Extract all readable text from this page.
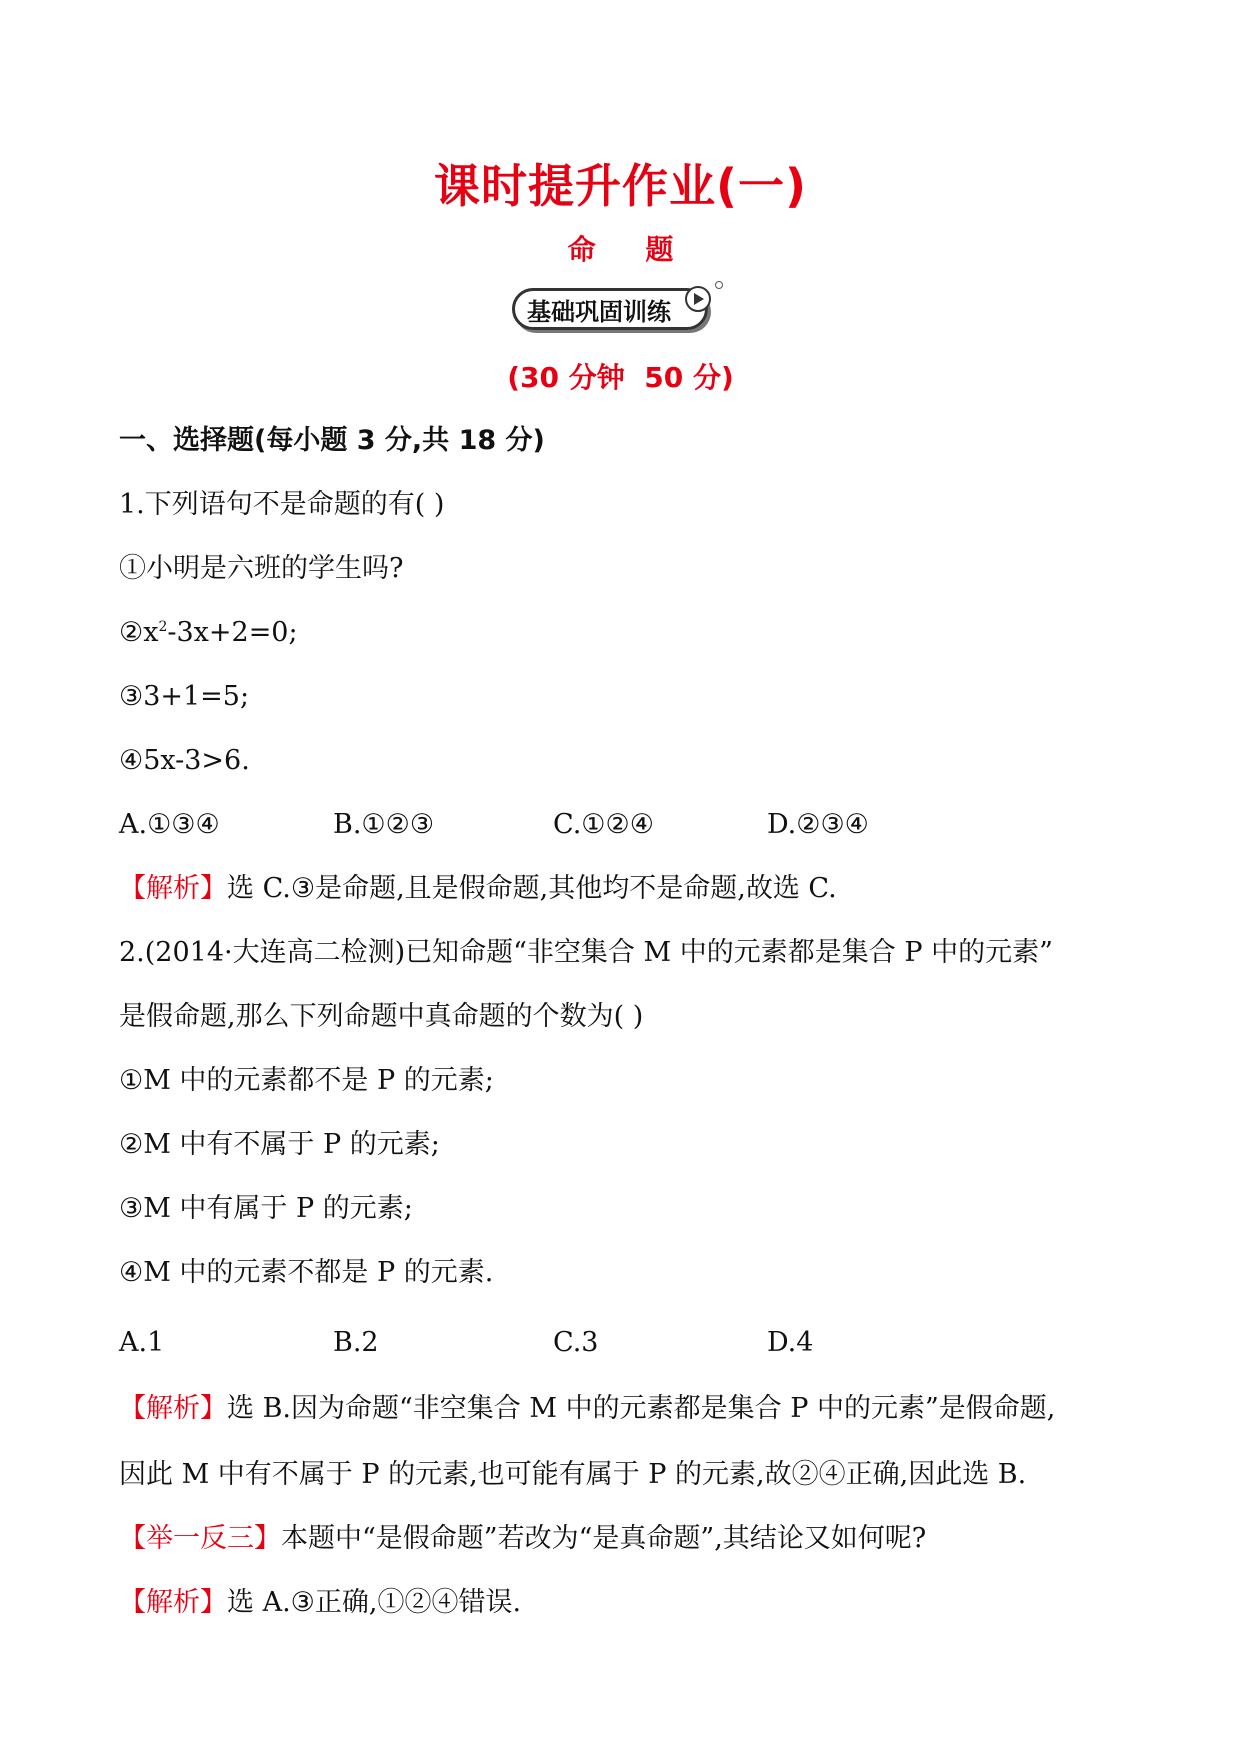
课时提升作业(一)
命 题
基础巩固训练
(30 分钟  50 分)
一、选择题(每小题 3 分,共 18 分)
1.下列语句不是命题的有( )
①小明是六班的学生吗?
$②x^2-3x+2=0$;
③3+1=5;
④5x-3>6.
A.①③④	B.①②③	C.①②④	D.②③④
【解析】选 C.③是命题,且是假命题,其他均不是命题,故选 C.
2.(2014·大连高二检测)已知命题“非空集合 M 中的元素都是集合 P 中的元素”
是假命题,那么下列命题中真命题的个数为( )
①M 中的元素都不是 P 的元素;
②M 中有不属于 P 的元素;
③M 中有属于 P 的元素;
④M 中的元素不都是 P 的元素.
A.1	B.2	C.3	D.4
【解析】选 B.因为命题“非空集合 M 中的元素都是集合 P 中的元素”是假命题,
因此 M 中有不属于 P 的元素,也可能有属于 P 的元素,故②④正确,因此选 B.
【举一反三】本题中“是假命题”若改为“是真命题”,其结论又如何呢?
【解析】选 A.③正确,①②④错误.
